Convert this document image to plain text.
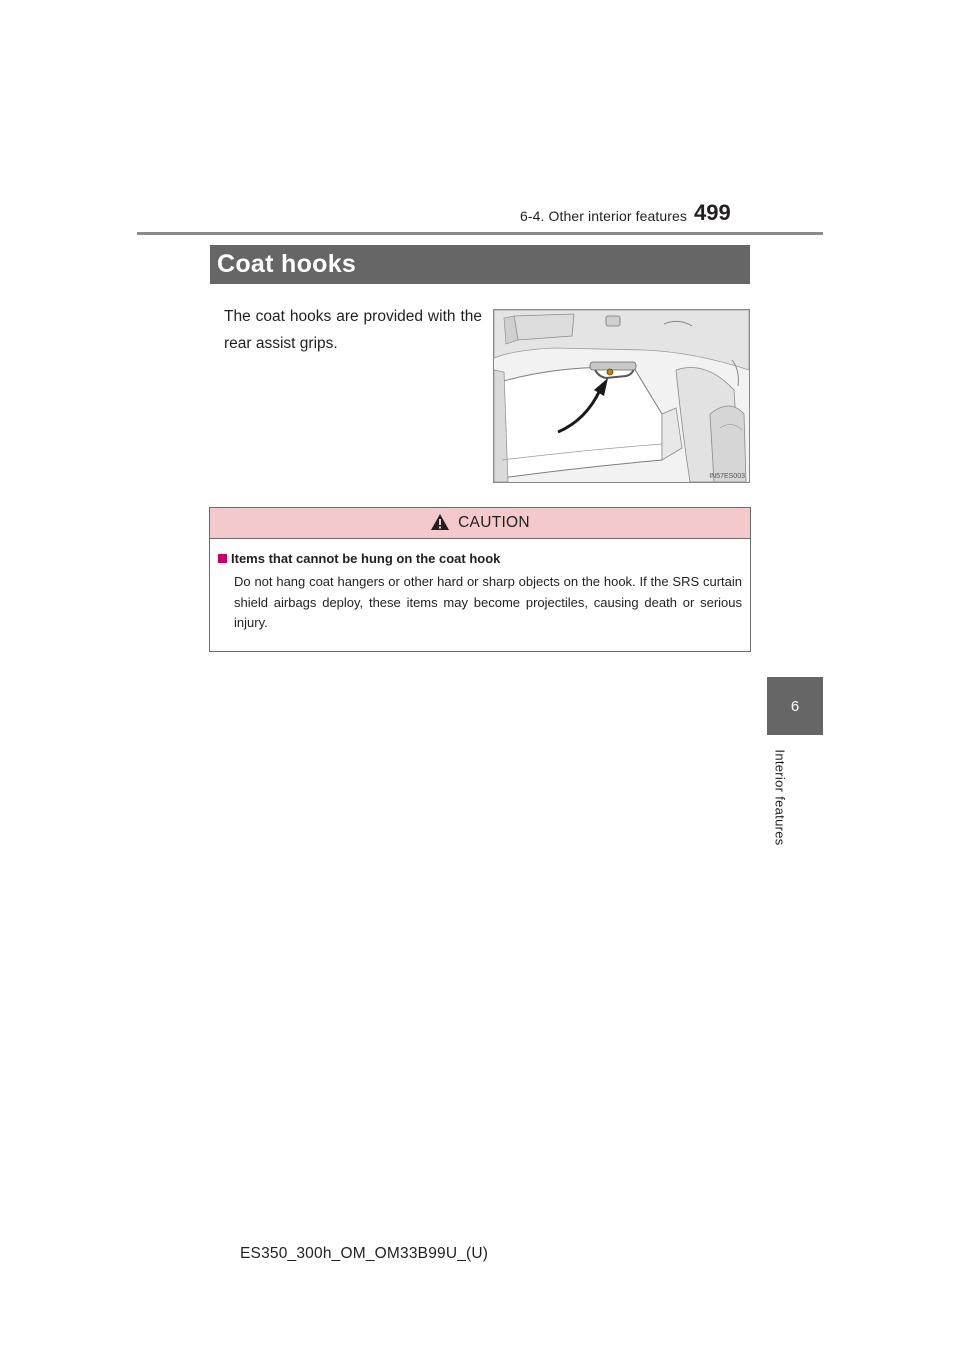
6-4. Other interior features 499
6
Interior features
Coat hooks
The coat hooks are provided with the rear assist grips.
IN57ES003
CAUTION
Items that cannot be hung on the coat hook
Do not hang coat hangers or other hard or sharp objects on the hook. If the SRS curtain shield airbags deploy, these items may become projectiles, causing death or serious injury.
ES350_300h_OM_OM33B99U_(U)
